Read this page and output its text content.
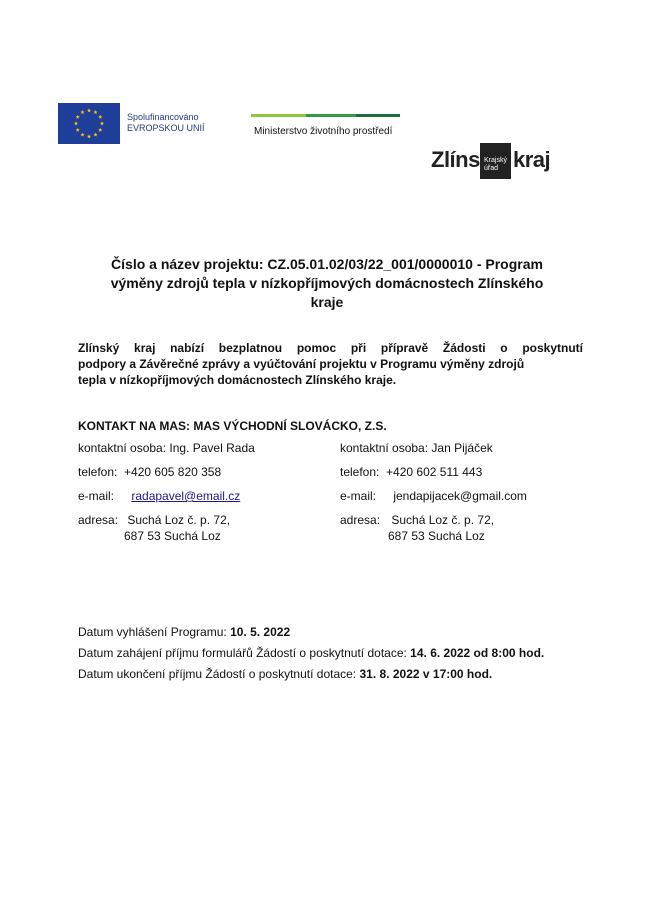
Spolufinancováno
EVROPSKOU UNIÍ	Ministerstvo životního prostředí
Zlíns Krajský
úřad kraj
Číslo a název projektu: CZ.05.01.02/03/22_001/0000010 - Program
výměny zdrojů tepla v nízkopříjmových domácnostech Zlínského
kraje
Zlínský kraj nabízí bezplatnou pomoc při přípravě Žádosti o poskytnutí
podpory a Závěrečné zprávy a vyúčtování projektu v Programu výměny zdrojů
tepla v nízkopříjmových domácnostech Zlínského kraje.
KONTAKT NA MAS: MAS VÝCHODNÍ SLOVÁCKO, Z.S.
kontaktní osoba: Ing. Pavel Rada
telefon: +420 605 820 358
e-mail: radapavel@email.cz
adresa: Suchá Loz č. p. 72,
687 53 Suchá Loz
kontaktní osoba: Jan Pijáček
telefon: +420 602 511 443
e-mail: jendapijacek@gmail.com
adresa: Suchá Loz č. p. 72,
687 53 Suchá Loz
Datum vyhlášení Programu: 10. 5. 2022
Datum zahájení příjmu formulářů Žádostí o poskytnutí dotace: 14. 6. 2022 od 8:00 hod.
Datum ukončení příjmu Žádostí o poskytnutí dotace: 31. 8. 2022 v 17:00 hod.
